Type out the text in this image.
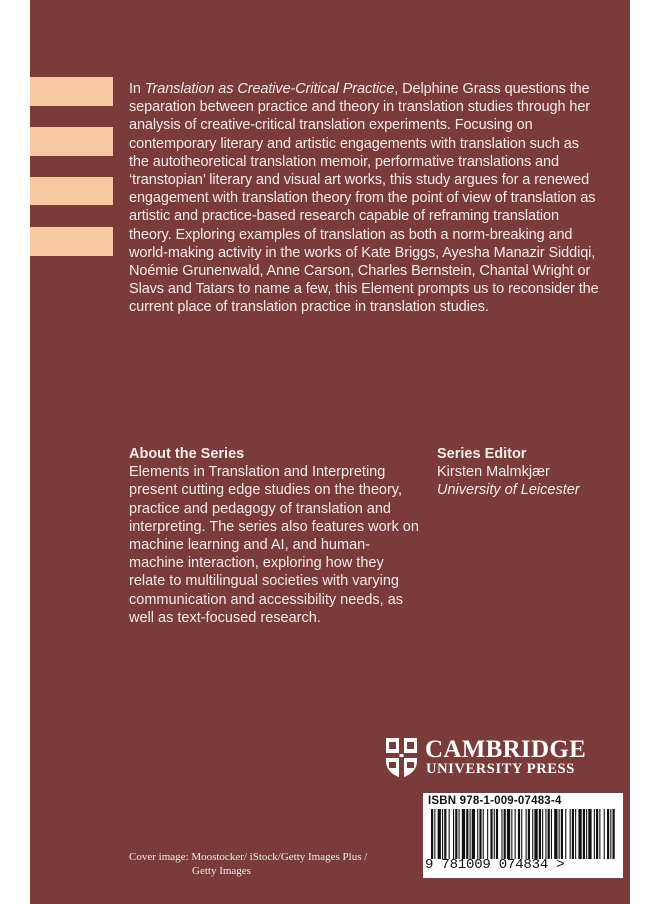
In Translation as Creative-Critical Practice, Delphine Grass questions the separation between practice and theory in translation studies through her analysis of creative-critical translation experiments. Focusing on contemporary literary and artistic engagements with translation such as the autotheoretical translation memoir, performative translations and ‘transtopian’ literary and visual art works, this study argues for a renewed engagement with translation theory from the point of view of translation as artistic and practice-based research capable of reframing translation theory. Exploring examples of translation as both a norm-breaking and world-making activity in the works of Kate Briggs, Ayesha Manazir Siddiqi, Noémie Grunenwald, Anne Carson, Charles Bernstein, Chantal Wright or Slavs and Tatars to name a few, this Element prompts us to reconsider the current place of translation practice in translation studies.
About the Series
Elements in Translation and Interpreting present cutting edge studies on the theory, practice and pedagogy of translation and interpreting. The series also features work on machine learning and AI, and human-machine interaction, exploring how they relate to multilingual societies with varying communication and accessibility needs, as well as text-focused research.
Series Editor
Kirsten Malmkjær
University of Leicester
CAMBRIDGE
UNIVERSITY PRESS
ISBN 978-1-009-07483-4
9 781009 074834 >
Cover image: Moostocker/ iStock/Getty Images Plus /
Getty Images
